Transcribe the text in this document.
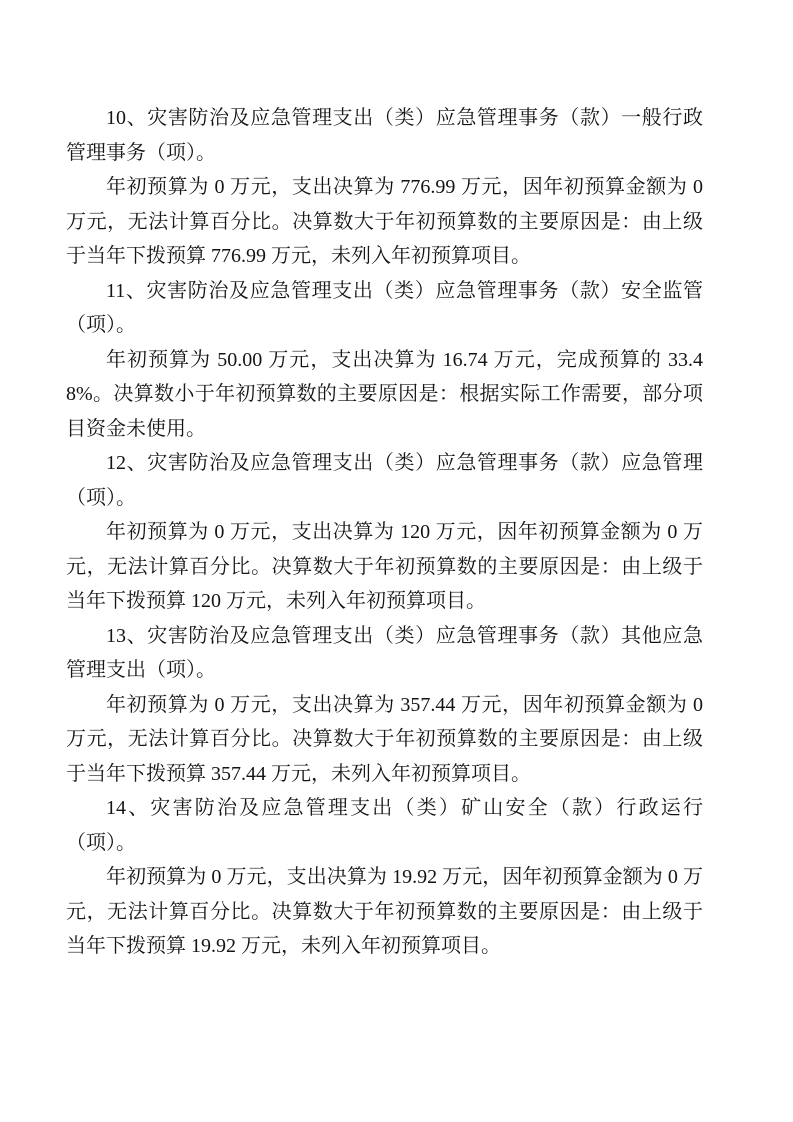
10、灾害防治及应急管理支出（类）应急管理事务（款）一般行政管理事务（项）。

年初预算为 0 万元，支出决算为 776.99 万元，因年初预算金额为 0 万元，无法计算百分比。决算数大于年初预算数的主要原因是：由上级于当年下拨预算 776.99 万元，未列入年初预算项目。

11、灾害防治及应急管理支出（类）应急管理事务（款）安全监管（项）。

年初预算为 50.00 万元，支出决算为 16.74 万元，完成预算的 33.48%。决算数小于年初预算数的主要原因是：根据实际工作需要，部分项目资金未使用。

12、灾害防治及应急管理支出（类）应急管理事务（款）应急管理（项）。

年初预算为 0 万元，支出决算为 120 万元，因年初预算金额为 0 万元，无法计算百分比。决算数大于年初预算数的主要原因是：由上级于当年下拨预算 120 万元，未列入年初预算项目。

13、灾害防治及应急管理支出（类）应急管理事务（款）其他应急管理支出（项）。

年初预算为 0 万元，支出决算为 357.44 万元，因年初预算金额为 0 万元，无法计算百分比。决算数大于年初预算数的主要原因是：由上级于当年下拨预算 357.44 万元，未列入年初预算项目。

14、灾害防治及应急管理支出（类）矿山安全（款）行政运行（项）。

年初预算为 0 万元，支出决算为 19.92 万元，因年初预算金额为 0 万元，无法计算百分比。决算数大于年初预算数的主要原因是：由上级于当年下拨预算 19.92 万元，未列入年初预算项目。
